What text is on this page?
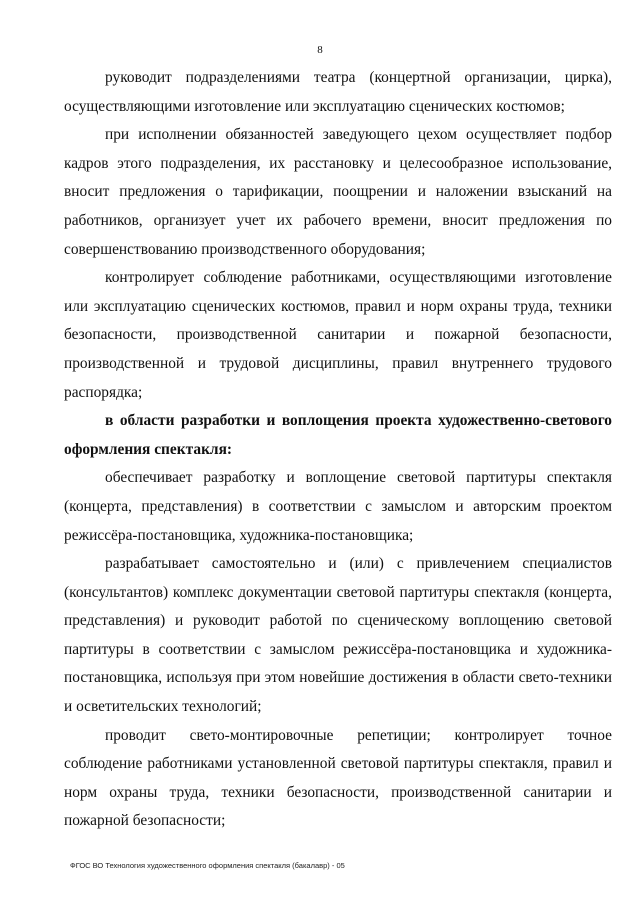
8

руководит подразделениями театра (концертной организации, цирка), осуществляющими изготовление или эксплуатацию сценических костюмов;

при исполнении обязанностей заведующего цехом осуществляет подбор кадров этого подразделения, их расстановку и целесообразное использование, вносит предложения о тарификации, поощрении и наложении взысканий на работников, организует учет их рабочего времени, вносит предложения по совершенствованию производственного оборудования;

контролирует соблюдение работниками, осуществляющими изготовление или эксплуатацию сценических костюмов, правил и норм охраны труда, техники безопасности, производственной санитарии и пожарной безопасности, производственной и трудовой дисциплины, правил внутреннего трудового распорядка;

в области разработки и воплощения проекта художественно-светового оформления спектакля:

обеспечивает разработку и воплощение световой партитуры спектакля (концерта, представления) в соответствии с замыслом и авторским проектом режиссёра-постановщика, художника-постановщика;

разрабатывает самостоятельно и (или) с привлечением специалистов (консультантов) комплекс документации световой партитуры спектакля (концерта, представления) и руководит работой по сценическому воплощению световой партитуры в соответствии с замыслом режиссёра-постановщика и художника-постановщика, используя при этом новейшие достижения в области свето-техники и осветительских технологий;

проводит свето-монтировочные репетиции; контролирует точное соблюдение работниками установленной световой партитуры спектакля, правил и норм охраны труда, техники безопасности, производственной санитарии и пожарной безопасности;

ФГОС ВО Технология художественного оформления спектакля (бакалавр) - 05
